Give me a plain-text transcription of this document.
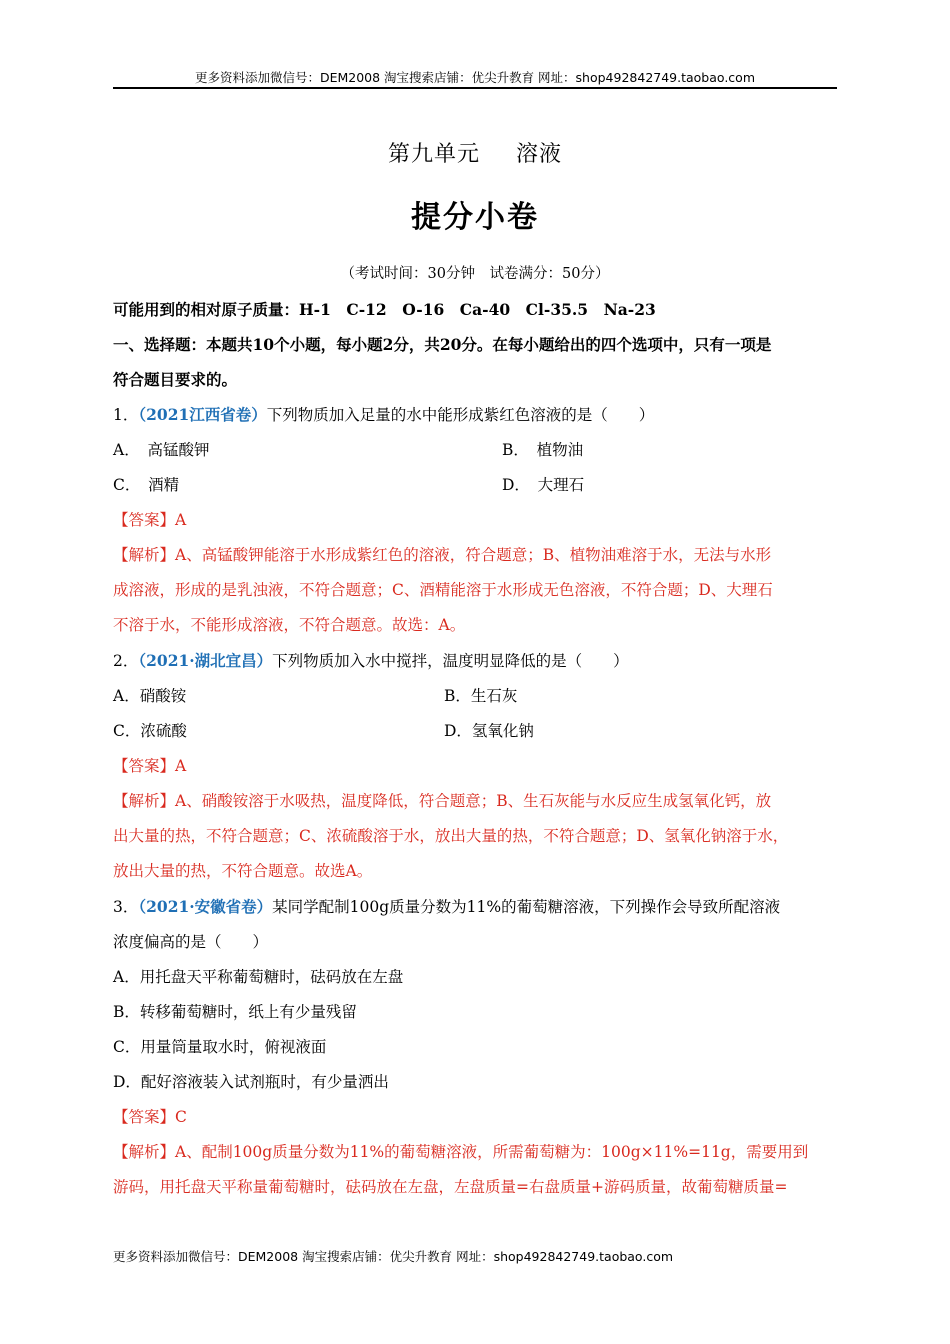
更多资料添加微信号：DEM2008 淘宝搜索店铺：优尖升教育 网址：shop492842749.taobao.com
第九单元 溶液
提分小卷
（考试时间：30分钟　试卷满分：50分）
可能用到的相对原子质量：H-1　C-12　O-16　Ca-40　Cl-35.5　Na-23
一、选择题：本题共10个小题，每小题2分，共20分。在每小题给出的四个选项中，只有一项是
符合题目要求的。
1．（2021江西省卷）下列物质加入足量的水中能形成紫红色溶液的是（　　）
A．　高锰酸钾	B．　植物油
C．　酒精	D．　大理石
【答案】A
【解析】A、高锰酸钾能溶于水形成紫红色的溶液，符合题意；B、植物油难溶于水，无法与水形
成溶液，形成的是乳浊液，不符合题意；C、酒精能溶于水形成无色溶液，不符合题；D、大理石
不溶于水，不能形成溶液，不符合题意。故选：A。
2．（2021·湖北宜昌）下列物质加入水中搅拌，温度明显降低的是（　　）
A．硝酸铵	B．生石灰
C．浓硫酸	D．氢氧化钠
【答案】A
【解析】A、硝酸铵溶于水吸热，温度降低，符合题意；B、生石灰能与水反应生成氢氧化钙，放
出大量的热，不符合题意；C、浓硫酸溶于水，放出大量的热，不符合题意；D、氢氧化钠溶于水，
放出大量的热，不符合题意。故选A。
3．（2021·安徽省卷）某同学配制100g质量分数为11%的葡萄糖溶液，下列操作会导致所配溶液
浓度偏高的是（　　）
A．用托盘天平称葡萄糖时，砝码放在左盘
B．转移葡萄糖时，纸上有少量残留
C．用量筒量取水时，俯视液面
D．配好溶液装入试剂瓶时，有少量洒出
【答案】C
【解析】A、配制100g质量分数为11%的葡萄糖溶液，所需葡萄糖为：100g×11%=11g，需要用到
游码，用托盘天平称量葡萄糖时，砝码放在左盘，左盘质量=右盘质量+游码质量，故葡萄糖质量=
更多资料添加微信号：DEM2008 淘宝搜索店铺：优尖升教育 网址：shop492842749.taobao.com
